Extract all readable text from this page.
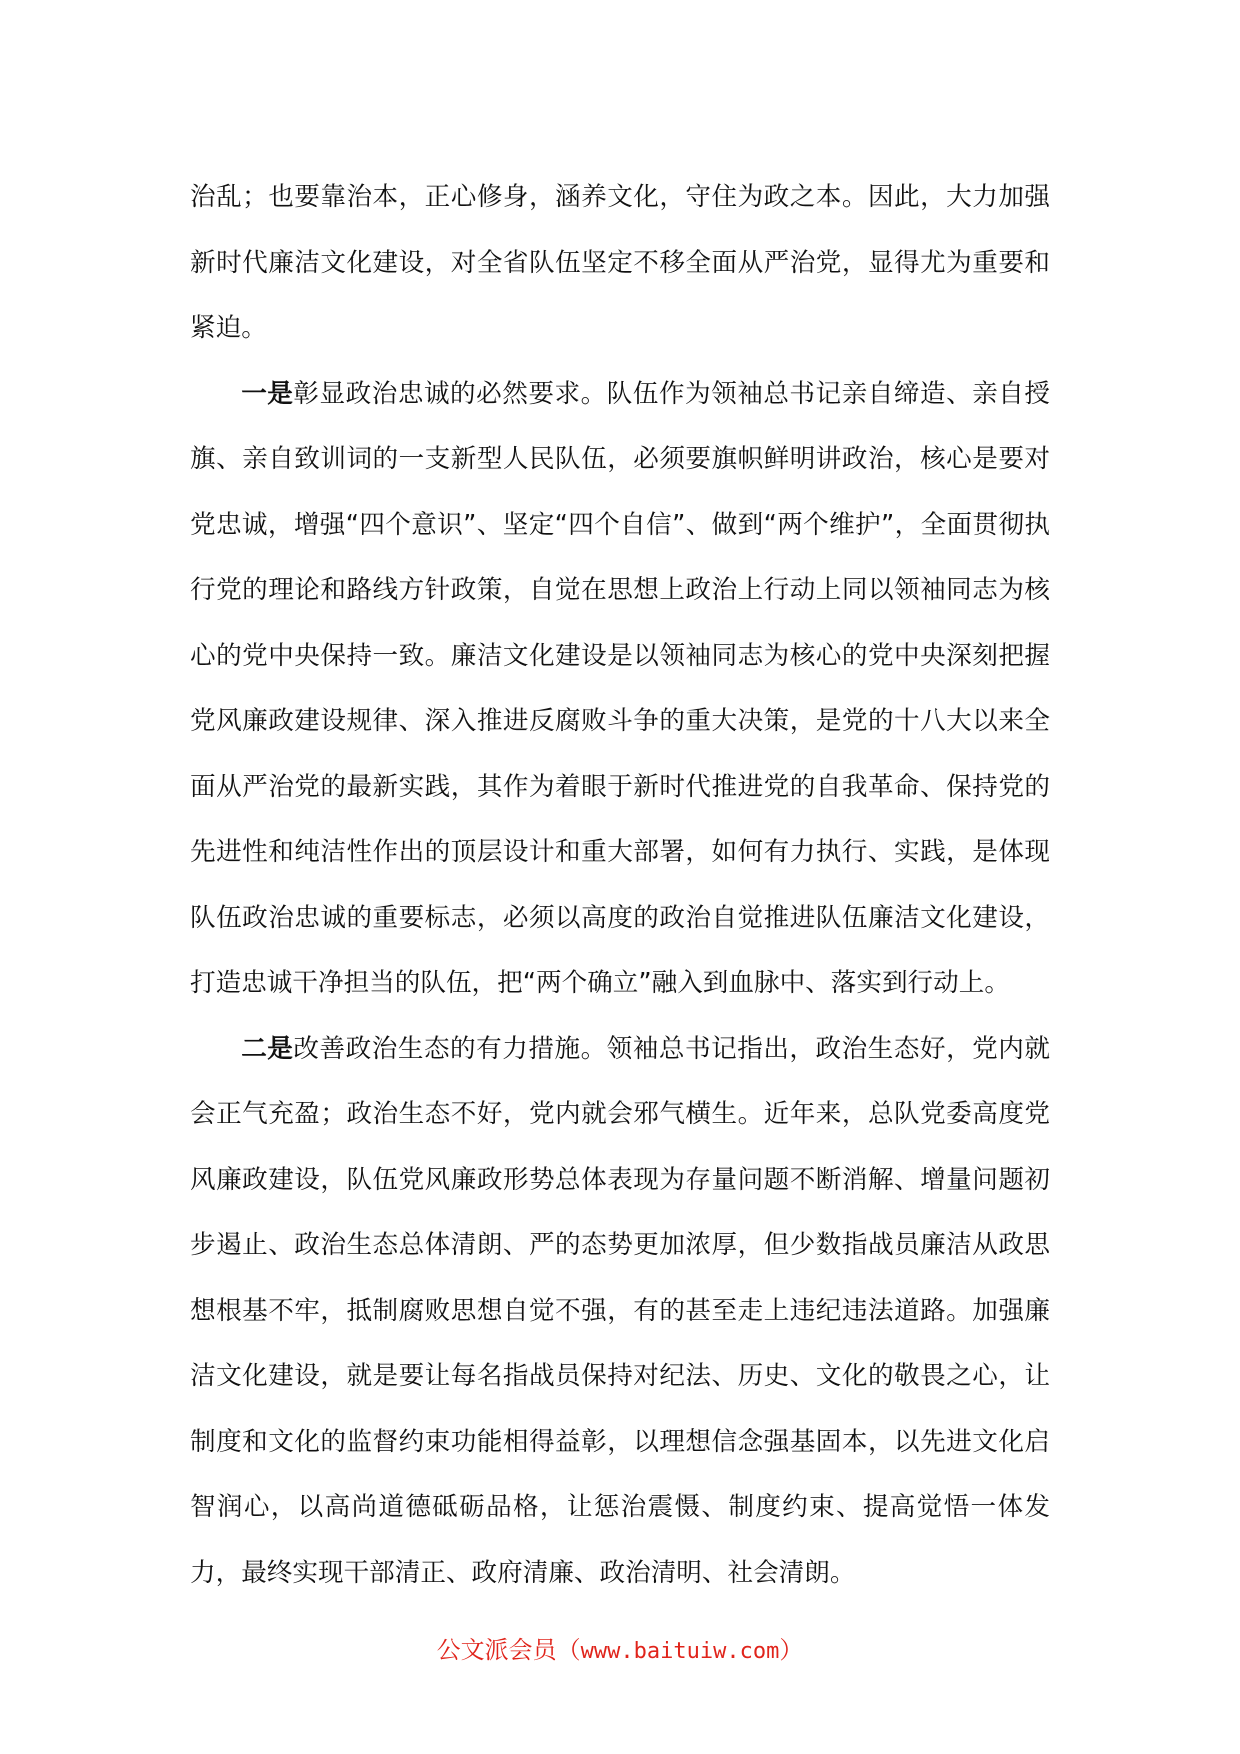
治乱；也要靠治本，正心修身，涵养文化，守住为政之本。因此，大力加强新时代廉洁文化建设，对全省队伍坚定不移全面从严治党，显得尤为重要和紧迫。

一是彰显政治忠诚的必然要求。队伍作为领袖总书记亲自缔造、亲自授旗、亲自致训词的一支新型人民队伍，必须要旗帜鲜明讲政治，核心是要对党忠诚，增强“四个意识”、坚定“四个自信”、做到“两个维护”，全面贯彻执行党的理论和路线方针政策，自觉在思想上政治上行动上同以领袖同志为核心的党中央保持一致。廉洁文化建设是以领袖同志为核心的党中央深刻把握党风廉政建设规律、深入推进反腐败斗争的重大决策，是党的十八大以来全面从严治党的最新实践，其作为着眼于新时代推进党的自我革命、保持党的先进性和纯洁性作出的顶层设计和重大部署，如何有力执行、实践，是体现队伍政治忠诚的重要标志，必须以高度的政治自觉推进队伍廉洁文化建设，打造忠诚干净担当的队伍，把“两个确立”融入到血脉中、落实到行动上。

二是改善政治生态的有力措施。领袖总书记指出，政治生态好，党内就会正气充盈；政治生态不好，党内就会邪气横生。近年来，总队党委高度党风廉政建设，队伍党风廉政形势总体表现为存量问题不断消解、增量问题初步遏止、政治生态总体清朗、严的态势更加浓厚，但少数指战员廉洁从政思想根基不牢，抵制腐败思想自觉不强，有的甚至走上违纪违法道路。加强廉洁文化建设，就是要让每名指战员保持对纪法、历史、文化的敬畏之心，让制度和文化的监督约束功能相得益彰，以理想信念强基固本，以先进文化启智润心，以高尚道德砥砺品格，让惩治震慑、制度约束、提高觉悟一体发力，最终实现干部清正、政府清廉、政治清明、社会清朗。

公文派会员（www.baituiw.com）
